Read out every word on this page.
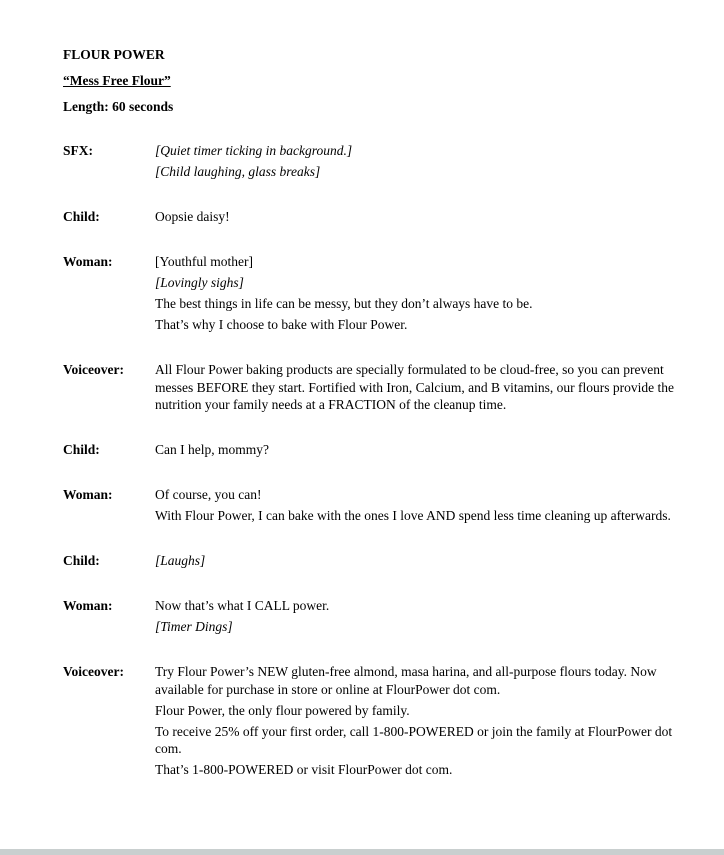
FLOUR POWER

“Mess Free Flour”

Length: 60 seconds

SFX:	[Quiet timer ticking in background.]

[Child laughing, glass breaks]

Child:	Oopsie daisy!

Woman:	[Youthful mother]

[Lovingly sighs]

The best things in life can be messy, but they don’t always have to be.

That’s why I choose to bake with Flour Power.

Voiceover:	All Flour Power baking products are specially formulated to be cloud-free, so you can prevent messes BEFORE they start. Fortified with Iron, Calcium, and B vitamins, our flours provide the nutrition your family needs at a FRACTION of the cleanup time.

Child:	Can I help, mommy?

Woman:	Of course, you can!

With Flour Power, I can bake with the ones I love AND spend less time cleaning up afterwards.

Child:	[Laughs]

Woman:	Now that’s what I CALL power.

[Timer Dings]

Voiceover:	Try Flour Power’s NEW gluten-free almond, masa harina, and all-purpose flours today. Now available for purchase in store or online at FlourPower dot com.

Flour Power, the only flour powered by family.

To receive 25% off your first order, call 1-800-POWERED or join the family at FlourPower dot com.

That’s 1-800-POWERED or visit FlourPower dot com.
